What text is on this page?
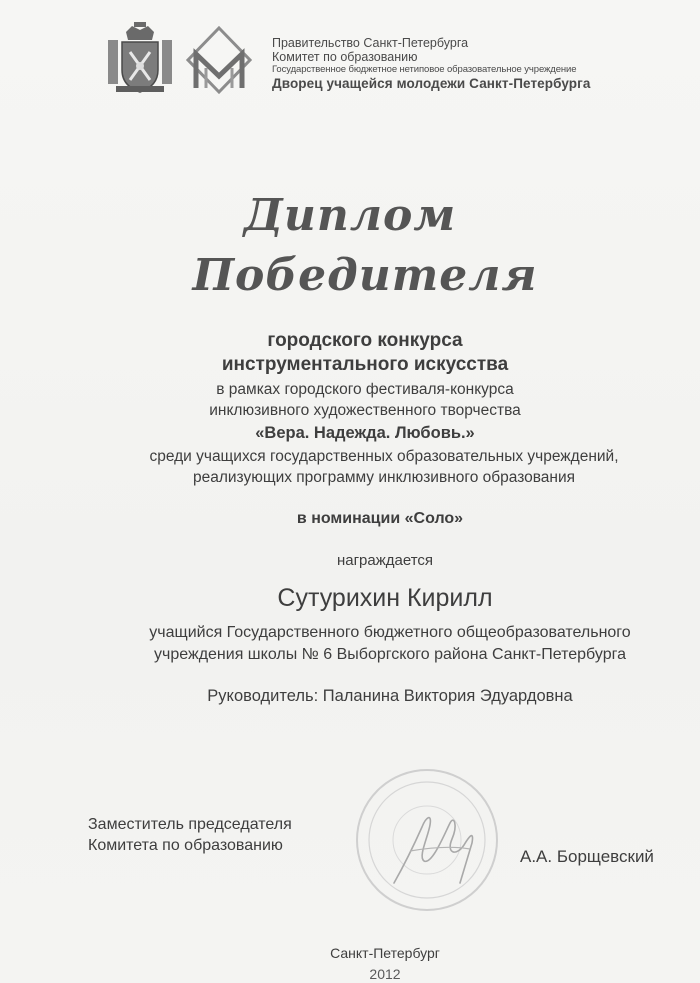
Правительство Санкт-Петербурга
Комитет по образованию
Государственное бюджетное нетиповое образовательное учреждение
Дворец учащейся молодежи Санкт-Петербурга
Диплом
Победителя
городского конкурса
инструментального искусства
в рамках городского фестиваля-конкурса
инклюзивного художественного творчества
«Вера. Надежда. Любовь.»
среди учащихся государственных образовательных учреждений,
реализующих программу инклюзивного образования
в номинации «Соло»
награждается
Сутурихин Кирилл
учащийся Государственного бюджетного общеобразовательного
учреждения школы № 6 Выборгского района Санкт-Петербурга
Руководитель: Паланина Виктория Эдуардовна
Заместитель председателя
Комитета по образованию
А.А. Борщевский
Санкт-Петербург
2012
